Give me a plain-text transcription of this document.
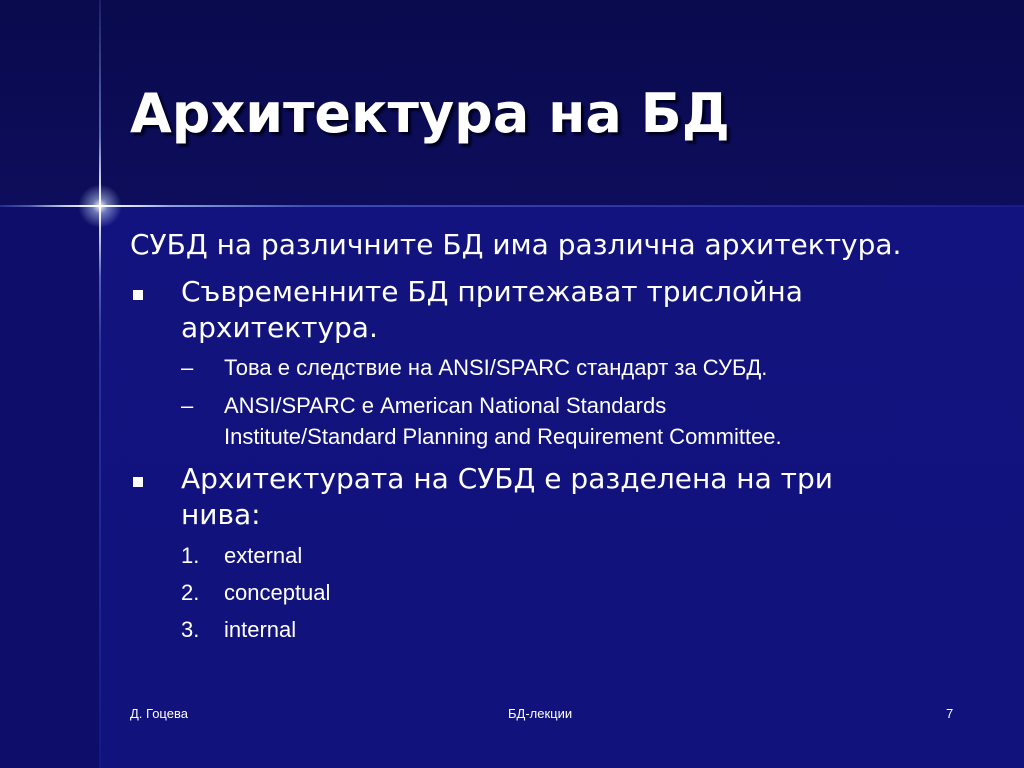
Архитектура на БД

СУБД на различните БД има различна архитектура.

Съвременните БД притежават трислойна

архитектура.

– Това е следствие на ANSI/SPARC стандарт за СУБД.

– ANSI/SPARC е American National Standards

Institute/Standard Planning and Requirement Committee.

Архитектурата на СУБД е разделена на три

нива:

1. external

2. conceptual

3. internal

Д. Гоцева	БД-лекции	7
